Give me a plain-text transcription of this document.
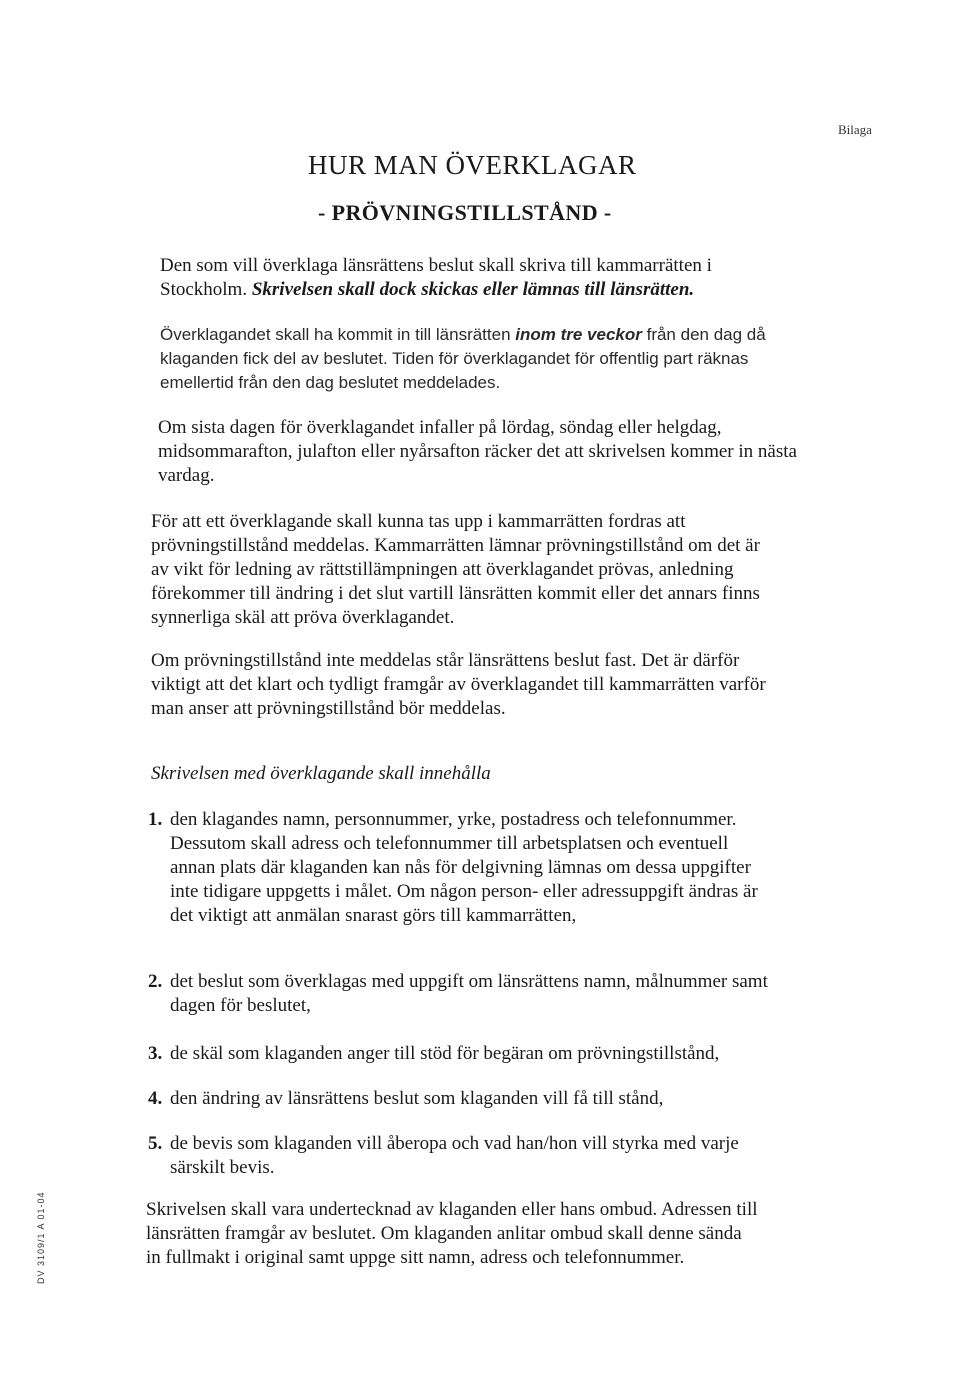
Bilaga
HUR MAN ÖVERKLAGAR
- PRÖVNINGSTILLSTÅND -

Den som vill överklaga länsrättens beslut skall skriva till kammarrätten i Stockholm. Skrivelsen skall dock skickas eller lämnas till länsrätten.

Överklagandet skall ha kommit in till länsrätten inom tre veckor från den dag då klaganden fick del av beslutet. Tiden för överklagandet för offentlig part räknas emellertid från den dag beslutet meddelades.

Om sista dagen för överklagandet infaller på lördag, söndag eller helgdag, midsommarafton, julafton eller nyårsafton räcker det att skrivelsen kommer in nästa vardag.

För att ett överklagande skall kunna tas upp i kammarrätten fordras att prövningstillstånd meddelas. Kammarrätten lämnar prövningstillstånd om det är av vikt för ledning av rättstillämpningen att överklagandet prövas, anledning förekommer till ändring i det slut vartill länsrätten kommit eller det annars finns synnerliga skäl att pröva överklagandet.

Om prövningstillstånd inte meddelas står länsrättens beslut fast. Det är därför viktigt att det klart och tydligt framgår av överklagandet till kammarrätten varför man anser att prövningstillstånd bör meddelas.

Skrivelsen med överklagande skall innehålla
1. den klagandes namn, personnummer, yrke, postadress och telefonnummer. Dessutom skall adress och telefonnummer till arbetsplatsen och eventuell annan plats där klaganden kan nås för delgivning lämnas om dessa uppgifter inte tidigare uppgetts i målet. Om någon person- eller adressuppgift ändras är det viktigt att anmälan snarast görs till kammarrätten,
2. det beslut som överklagas med uppgift om länsrättens namn, målnummer samt dagen för beslutet,
3. de skäl som klaganden anger till stöd för begäran om prövningstillstånd,
4. den ändring av länsrättens beslut som klaganden vill få till stånd,
5. de bevis som klaganden vill åberopa och vad han/hon vill styrka med varje särskilt bevis.

Skrivelsen skall vara undertecknad av klaganden eller hans ombud. Adressen till länsrätten framgår av beslutet. Om klaganden anlitar ombud skall denne sända in fullmakt i original samt uppge sitt namn, adress och telefonnummer.

DV 3109/1 A 01-04
